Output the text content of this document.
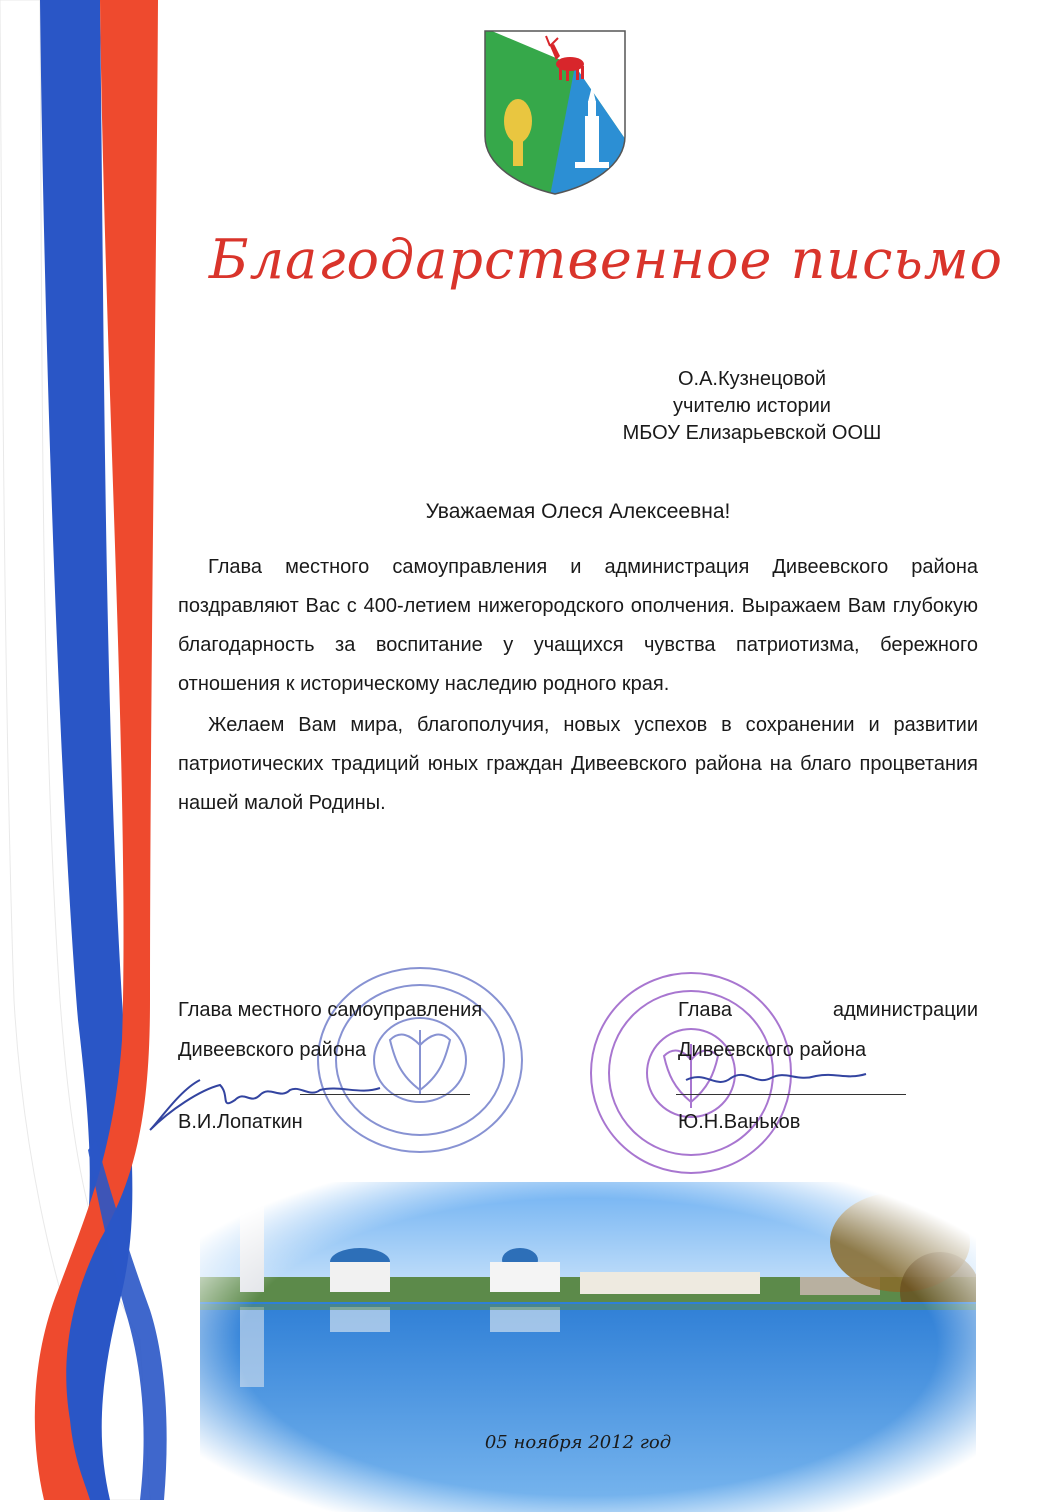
Благодарственное письмо
О.А.Кузнецовой
учителю истории
МБОУ Елизарьевской ООШ
Уважаемая Олеся Алексеевна!

Глава местного самоуправления и администрация Дивеевского района поздравляют Вас с 400-летием нижегородского ополчения. Выражаем Вам глубокую благодарность за воспитание у учащихся чувства патриотизма, бережного отношения к историческому наследию родного края.

Желаем Вам мира, благополучия, новых успехов в сохранении и развитии патриотических традиций юных граждан Дивеевского района на благо процветания нашей малой Родины.

Глава местного самоуправления
Дивеевского района
В.И.Лопаткин
Глава	администрации
Дивеевского района
Ю.Н.Ваньков
05 ноября 2012 год
